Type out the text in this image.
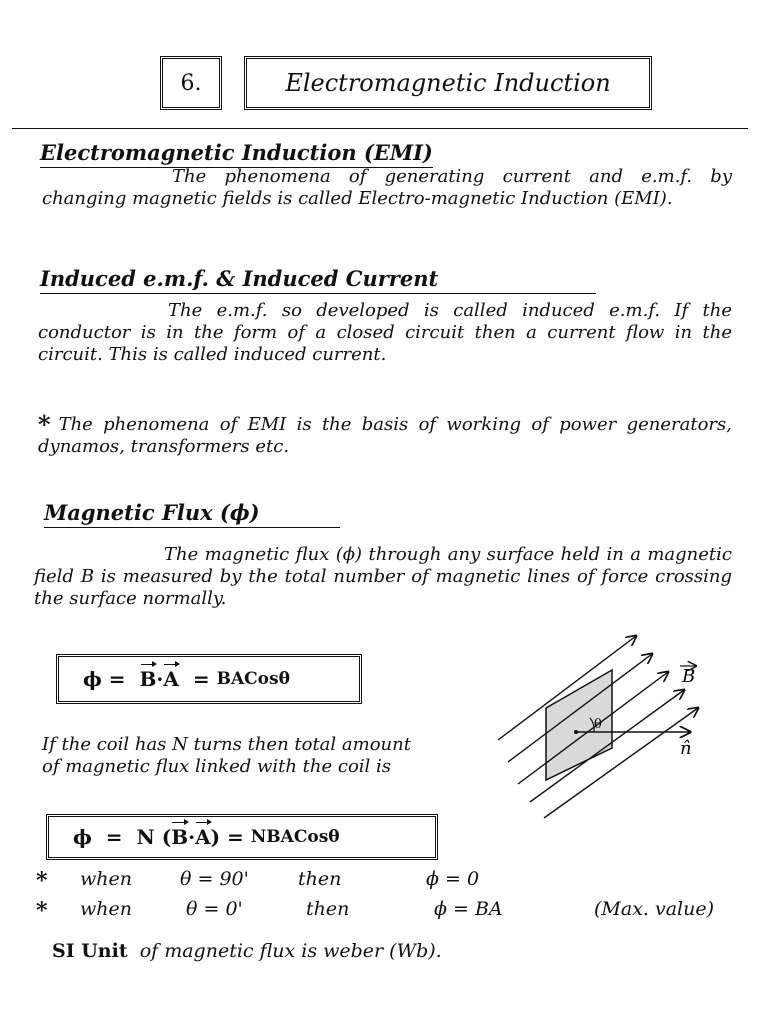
6.	Electromagnetic Induction
Electromagnetic Induction (EMI)

The phenomena of generating current and e.m.f. by changing magnetic fields is called Electro-magnetic Induction (EMI).

Induced e.m.f. & Induced Current

The e.m.f. so developed is called induced e.m.f. If the conductor is in the form of a closed circuit then a current flow in the circuit. This is called induced current.

* The phenomena of EMI is the basis of working of power generators, dynamos, transformers etc.
Magnetic Flux (ϕ)

The magnetic flux (ϕ) through any surface held in a magnetic field B is measured by the total number of magnetic lines of force crossing the surface normally.

ϕ
=
B · A
=
BACosθ
θ
B
n̂

If the coil has N turns then total amount of magnetic flux linked with the coil is

ϕ
=
N ( B · A )
=
NBACosθ
* when	θ = 90'	then	ϕ = 0
* when	θ = 0'	then	ϕ = BA	(Max. value)
SI Unit of magnetic flux is weber (Wb).
